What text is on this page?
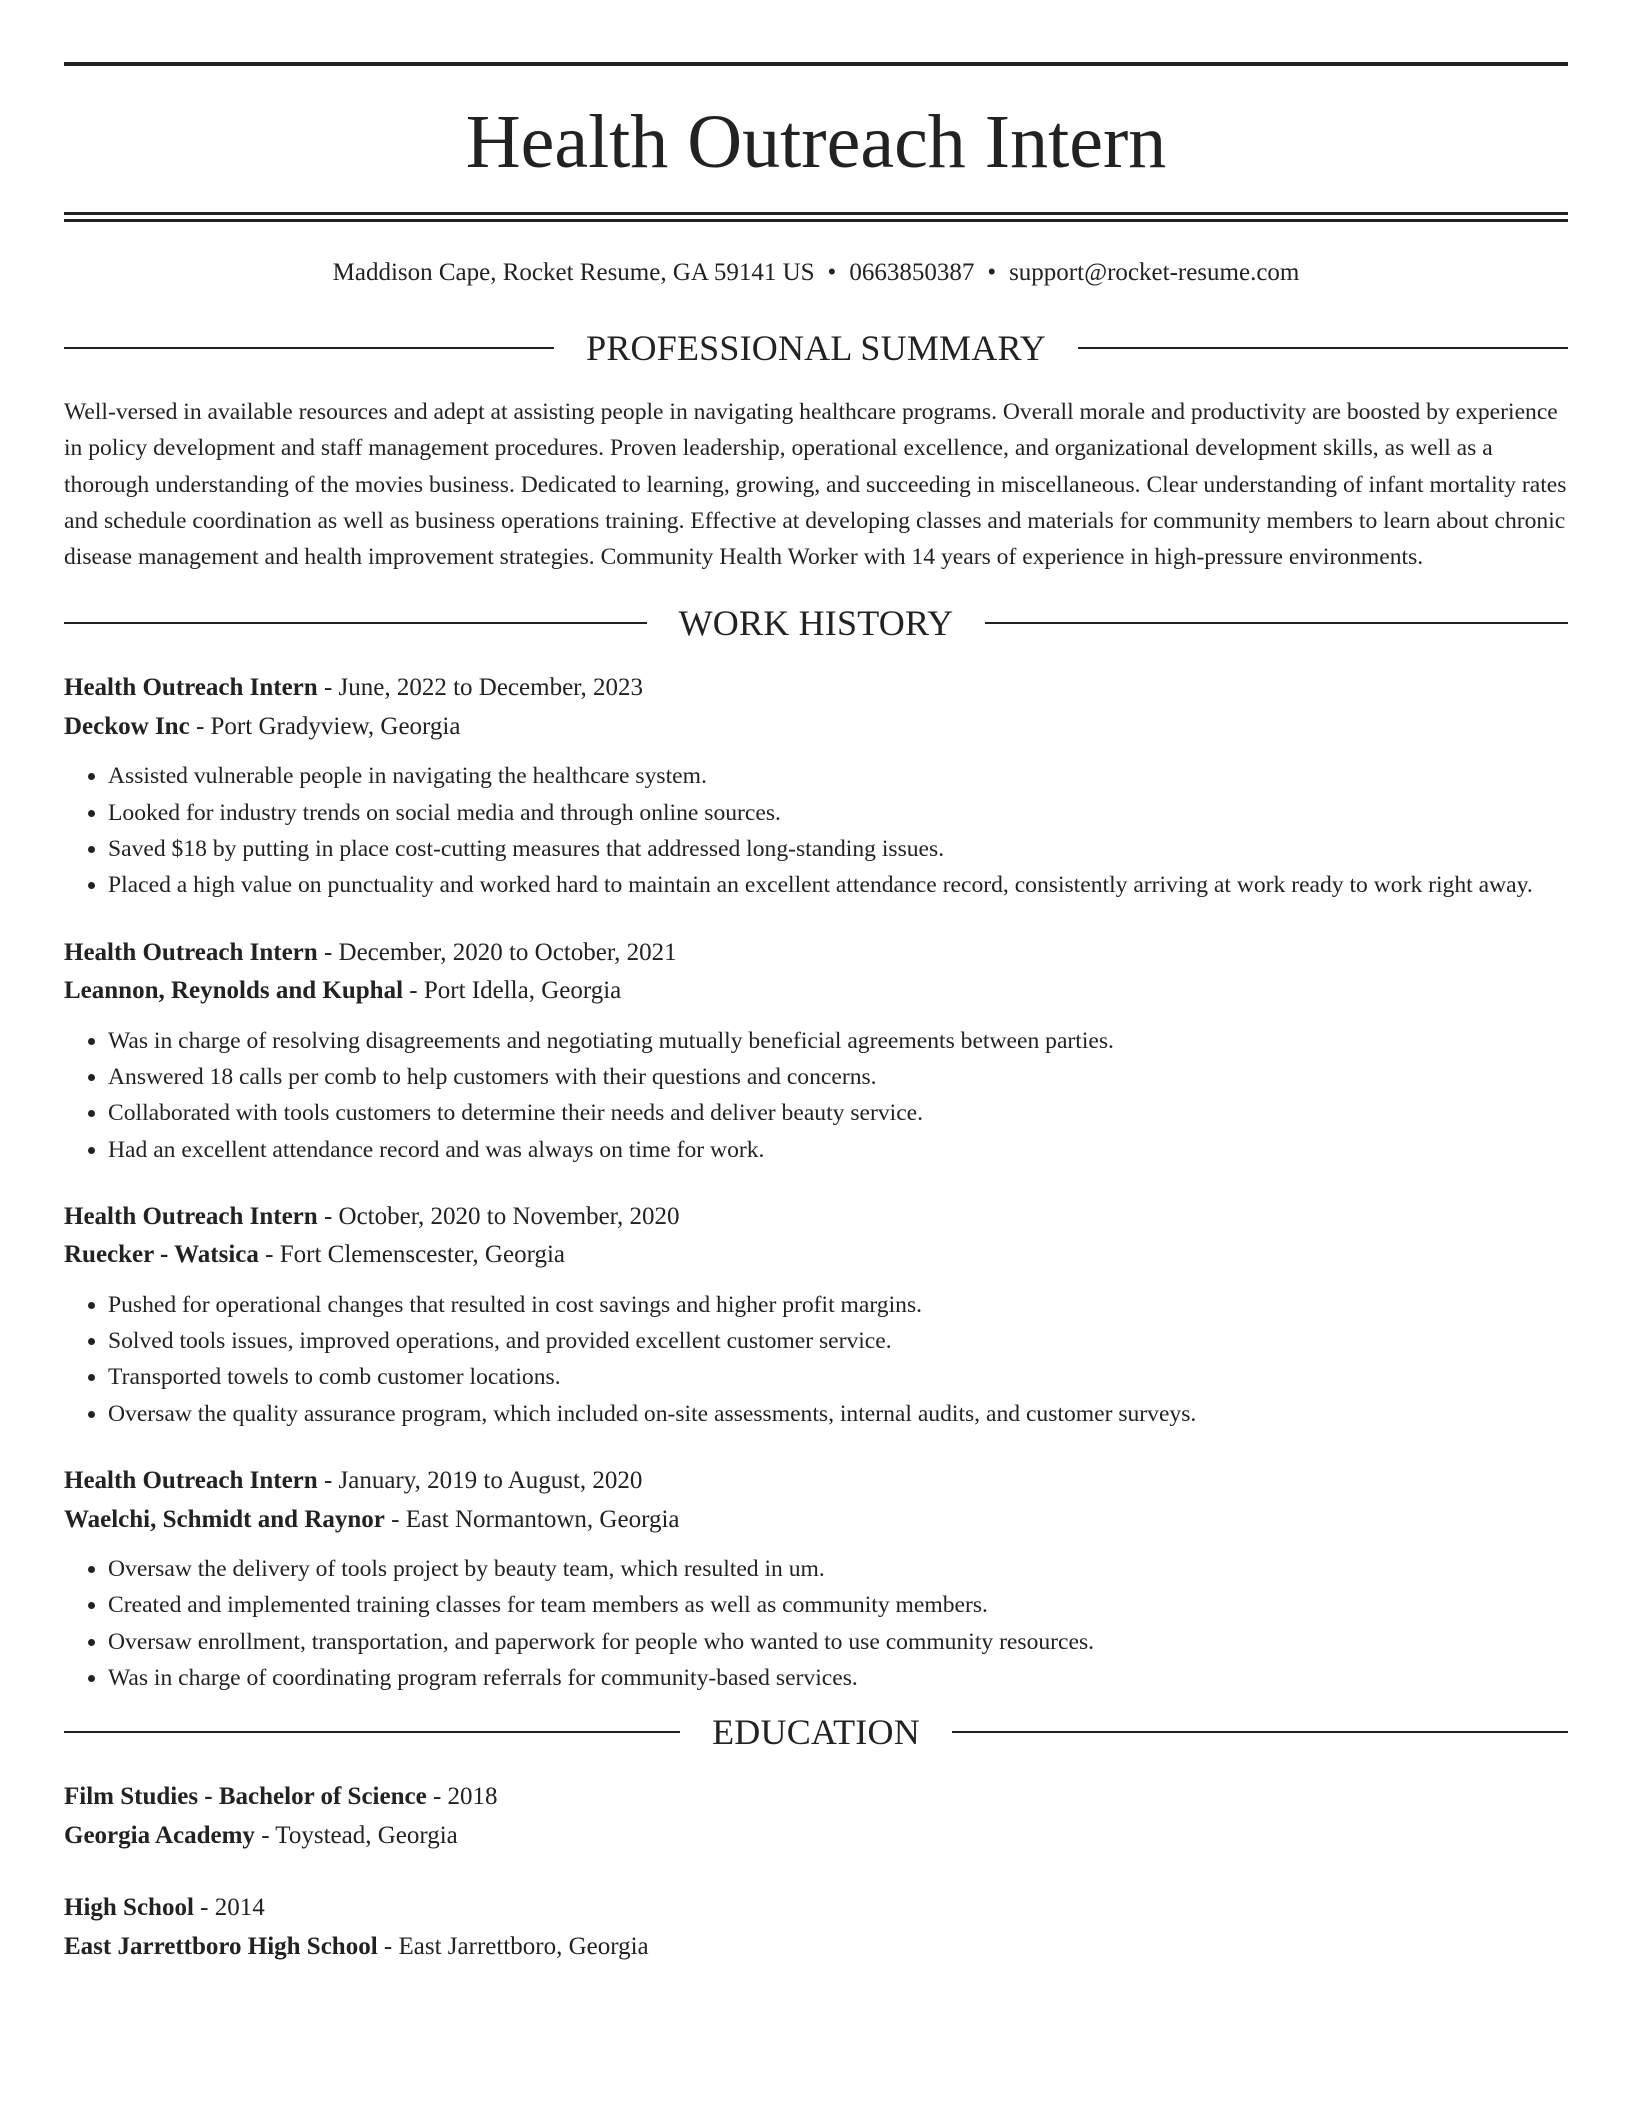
Health Outreach Intern
Maddison Cape, Rocket Resume, GA 59141 US • 0663850387 • support@rocket-resume.com
PROFESSIONAL SUMMARY

Well-versed in available resources and adept at assisting people in navigating healthcare programs. Overall morale and productivity are boosted by experience in policy development and staff management procedures. Proven leadership, operational excellence, and organizational development skills, as well as a thorough understanding of the movies business. Dedicated to learning, growing, and succeeding in miscellaneous. Clear understanding of infant mortality rates and schedule coordination as well as business operations training. Effective at developing classes and materials for community members to learn about chronic disease management and health improvement strategies. Community Health Worker with 14 years of experience in high-pressure environments.

WORK HISTORY
Health Outreach Intern - June, 2022 to December, 2023
Deckow Inc - Port Gradyview, Georgia
• Assisted vulnerable people in navigating the healthcare system.
• Looked for industry trends on social media and through online sources.
• Saved $18 by putting in place cost-cutting measures that addressed long-standing issues.
• Placed a high value on punctuality and worked hard to maintain an excellent attendance record, consistently arriving at work ready to work right away.
Health Outreach Intern - December, 2020 to October, 2021
Leannon, Reynolds and Kuphal - Port Idella, Georgia
• Was in charge of resolving disagreements and negotiating mutually beneficial agreements between parties.
• Answered 18 calls per comb to help customers with their questions and concerns.
• Collaborated with tools customers to determine their needs and deliver beauty service.
• Had an excellent attendance record and was always on time for work.
Health Outreach Intern - October, 2020 to November, 2020
Ruecker - Watsica - Fort Clemenscester, Georgia
• Pushed for operational changes that resulted in cost savings and higher profit margins.
• Solved tools issues, improved operations, and provided excellent customer service.
• Transported towels to comb customer locations.
• Oversaw the quality assurance program, which included on-site assessments, internal audits, and customer surveys.
Health Outreach Intern - January, 2019 to August, 2020
Waelchi, Schmidt and Raynor - East Normantown, Georgia
• Oversaw the delivery of tools project by beauty team, which resulted in um.
• Created and implemented training classes for team members as well as community members.
• Oversaw enrollment, transportation, and paperwork for people who wanted to use community resources.
• Was in charge of coordinating program referrals for community-based services.
EDUCATION
Film Studies - Bachelor of Science - 2018
Georgia Academy - Toystead, Georgia
High School - 2014
East Jarrettboro High School - East Jarrettboro, Georgia
